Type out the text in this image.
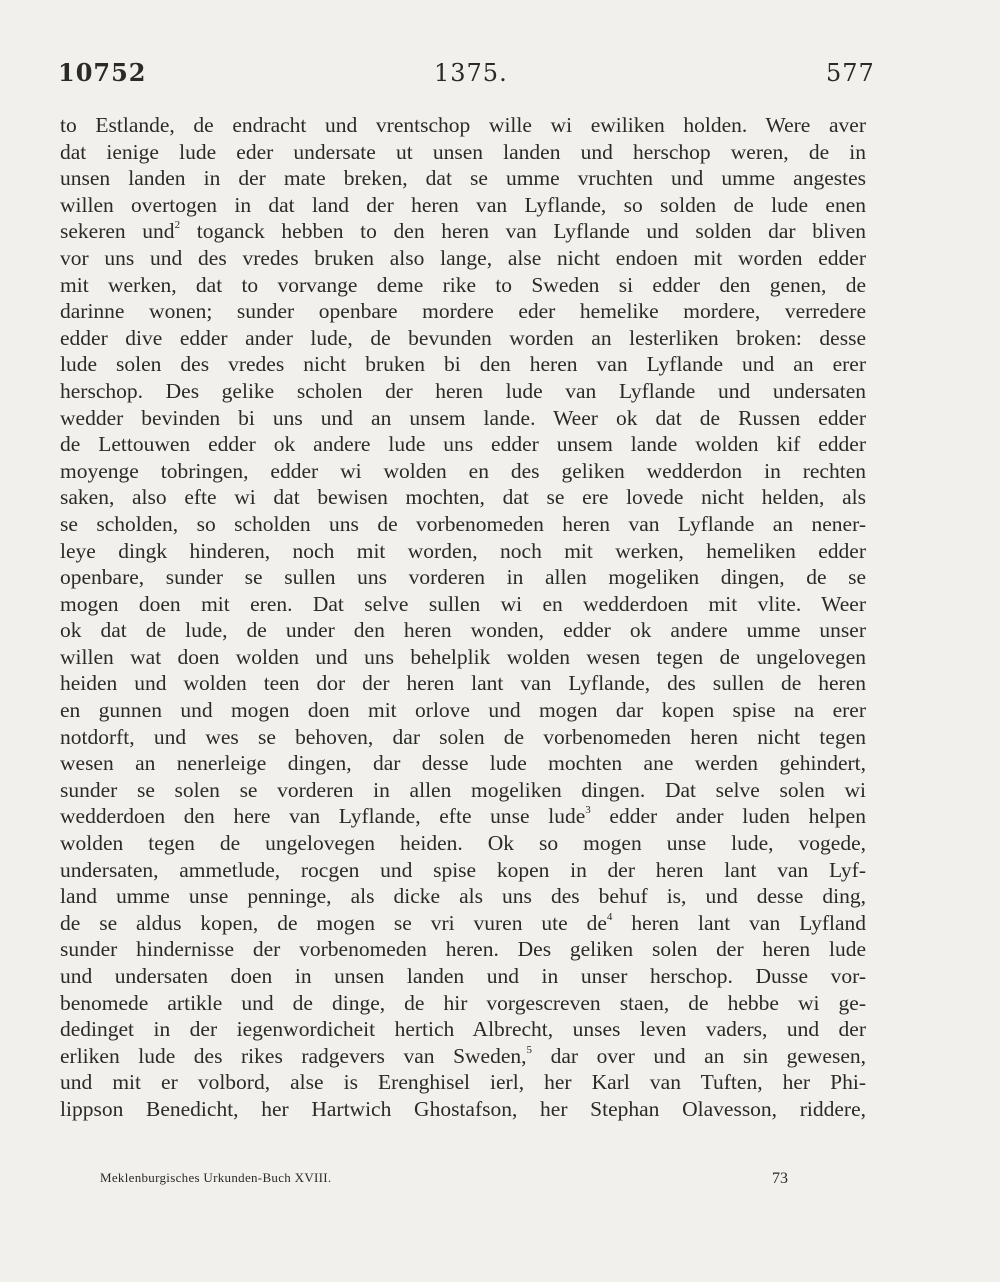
10752	1375.	577
to Estlande, de endracht und vrentschop wille wi ewiliken holden. Were aver
dat ienige lude eder undersate ut unsen landen und herschop weren, de in
unsen landen in der mate breken, dat se umme vruchten und umme angestes
willen overtogen in dat land der heren van Lyflande, so solden de lude enen
sekeren und$^2$ toganck hebben to den heren van Lyflande und solden dar bliven
vor uns und des vredes bruken also lange, alse nicht endoen mit worden edder
mit werken, dat to vorvange deme rike to Sweden si edder den genen, de
darinne wonen; sunder openbare mordere eder hemelike mordere, verredere
edder dive edder ander lude, de bevunden worden an lesterliken broken: desse
lude solen des vredes nicht bruken bi den heren van Lyflande und an erer
herschop. Des gelike scholen der heren lude van Lyflande und undersaten
wedder bevinden bi uns und an unsem lande. Weer ok dat de Russen edder
de Lettouwen edder ok andere lude uns edder unsem lande wolden kif edder
moyenge tobringen, edder wi wolden en des geliken wedderdon in rechten
saken, also efte wi dat bewisen mochten, dat se ere lovede nicht helden, als
se scholden, so scholden uns de vorbenomeden heren van Lyflande an nener-
leye dingk hinderen, noch mit worden, noch mit werken, hemeliken edder
openbare, sunder se sullen uns vorderen in allen mogeliken dingen, de se
mogen doen mit eren. Dat selve sullen wi en wedderdoen mit vlite. Weer
ok dat de lude, de under den heren wonden, edder ok andere umme unser
willen wat doen wolden und uns behelplik wolden wesen tegen de ungelovegen
heiden und wolden teen dor der heren lant van Lyflande, des sullen de heren
en gunnen und mogen doen mit orlove und mogen dar kopen spise na erer
notdorft, und wes se behoven, dar solen de vorbenomeden heren nicht tegen
wesen an nenerleige dingen, dar desse lude mochten ane werden gehindert,
sunder se solen se vorderen in allen mogeliken dingen. Dat selve solen wi
wedderdoen den here van Lyflande, efte unse lude$^3$ edder ander luden helpen
wolden tegen de ungelovegen heiden. Ok so mogen unse lude, vogede,
undersaten, ammetlude, rocgen und spise kopen in der heren lant van Lyf-
land umme unse penninge, als dicke als uns des behuf is, und desse ding,
de se aldus kopen, de mogen se vri vuren ute de$^4$ heren lant van Lyfland
sunder hindernisse der vorbenomeden heren. Des geliken solen der heren lude
und undersaten doen in unsen landen und in unser herschop. Dusse vor-
benomede artikle und de dinge, de hir vorgescreven staen, de hebbe wi ge-
dedinget in der iegenwordicheit hertich Albrecht, unses leven vaders, und der
erliken lude des rikes radgevers van Sweden,$^5$ dar over und an sin gewesen,
und mit er volbord, alse is Erenghisel ierl, her Karl van Tuften, her Phi-
lippson Benedicht, her Hartwich Ghostafson, her Stephan Olavesson, riddere,
Meklenburgisches Urkunden-Buch XVIII.	73
